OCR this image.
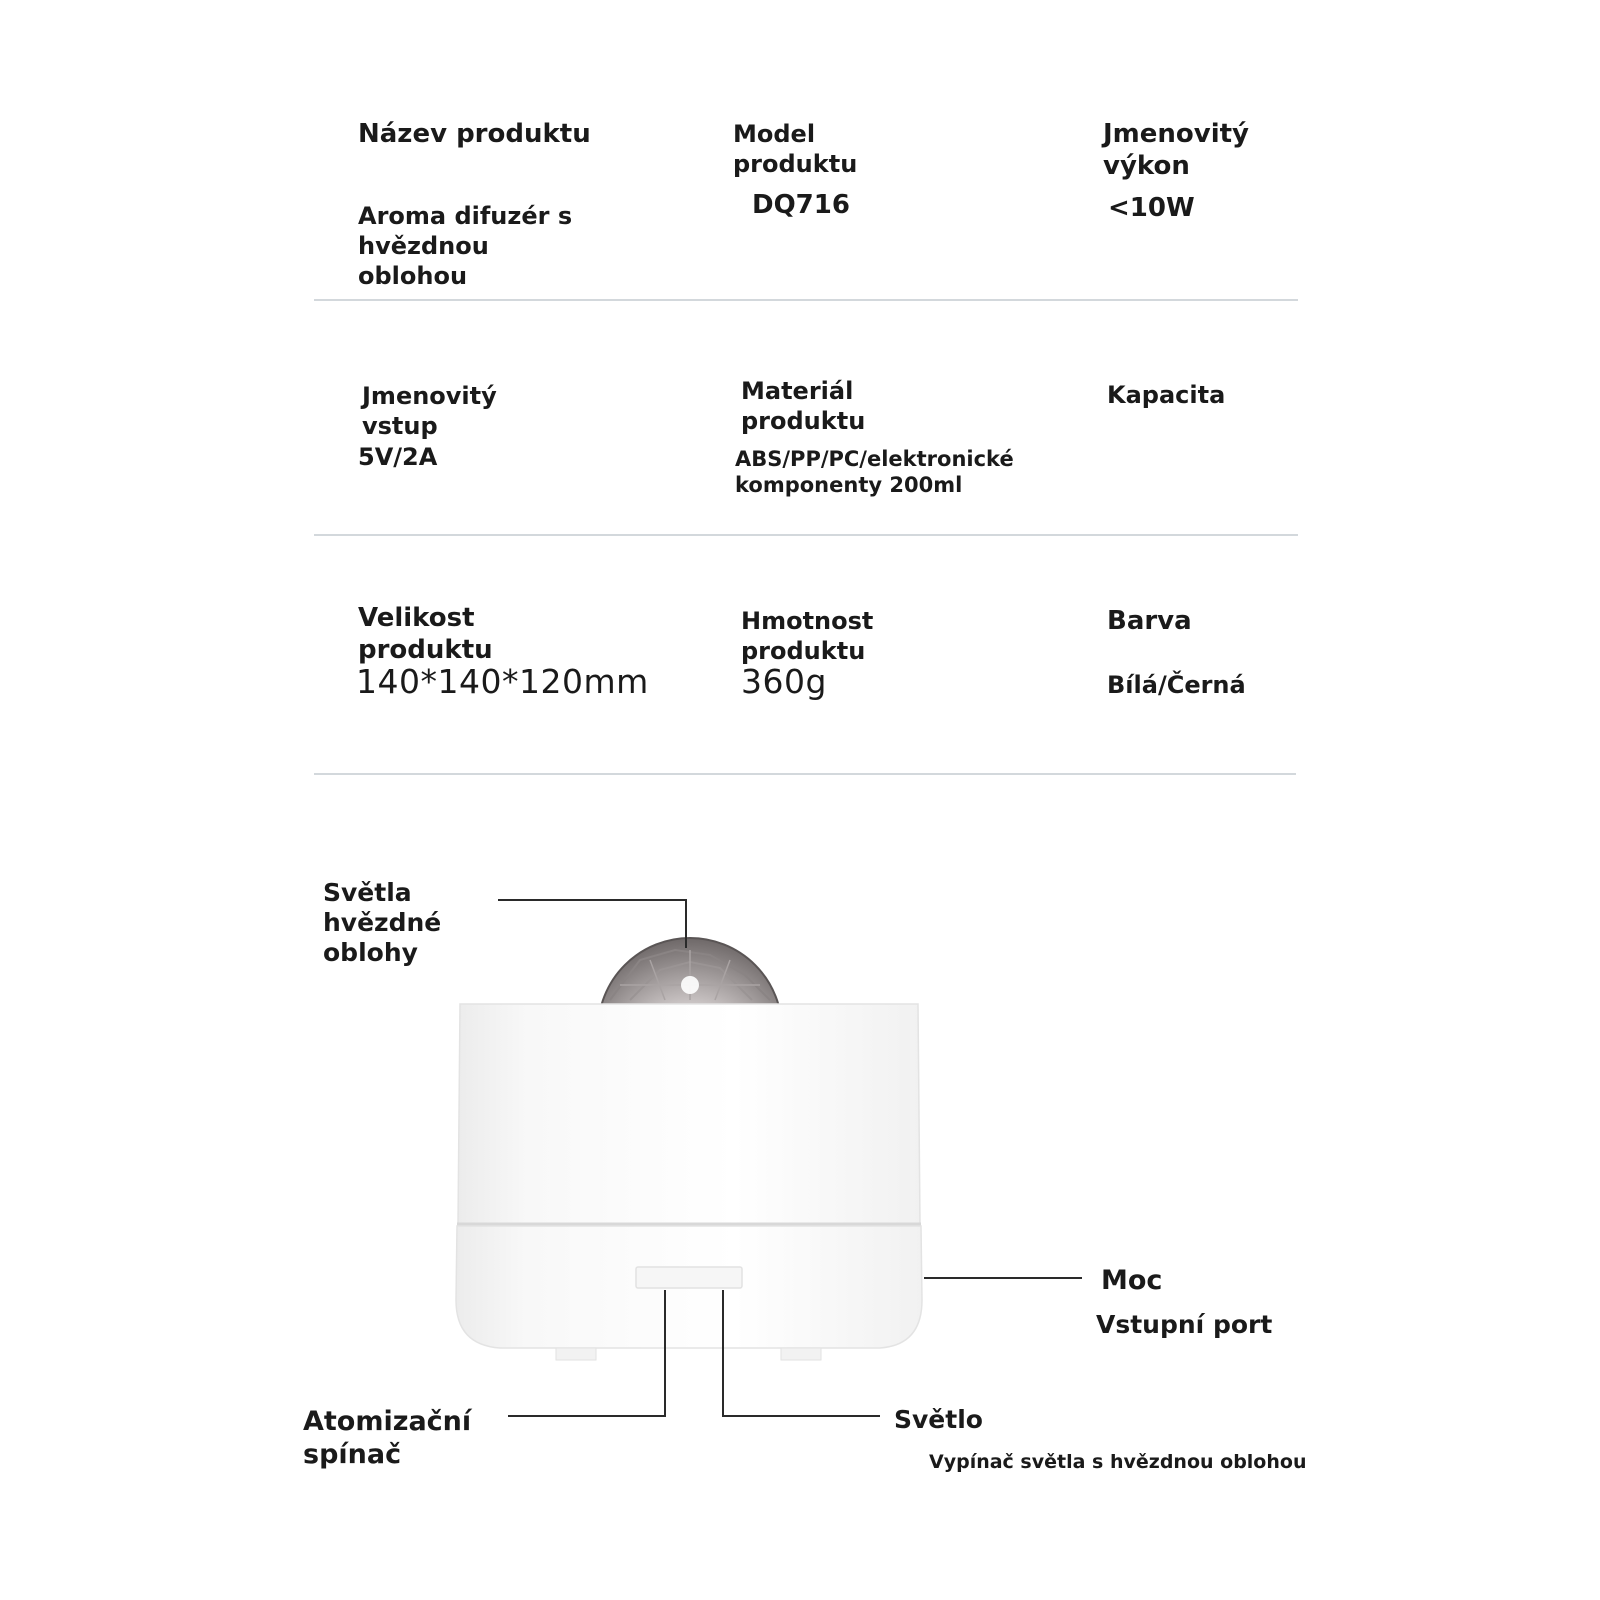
Název produktu
Aroma difuzér s
hvězdnou
oblohou
Model
produktu
DQ716
Jmenovitý
výkon
<10W
Jmenovitý
vstup
5V/2A
Materiál
produktu
ABS/PP/PC/elektronické
komponenty 200ml
Kapacita
Velikost
produktu
140*140*120mm
Hmotnost
produktu
360g
Barva
Bílá/Černá
Světla
hvězdné
oblohy
Moc
Vstupní port
Atomizační
spínač
Světlo
Vypínač světla s hvězdnou oblohou
